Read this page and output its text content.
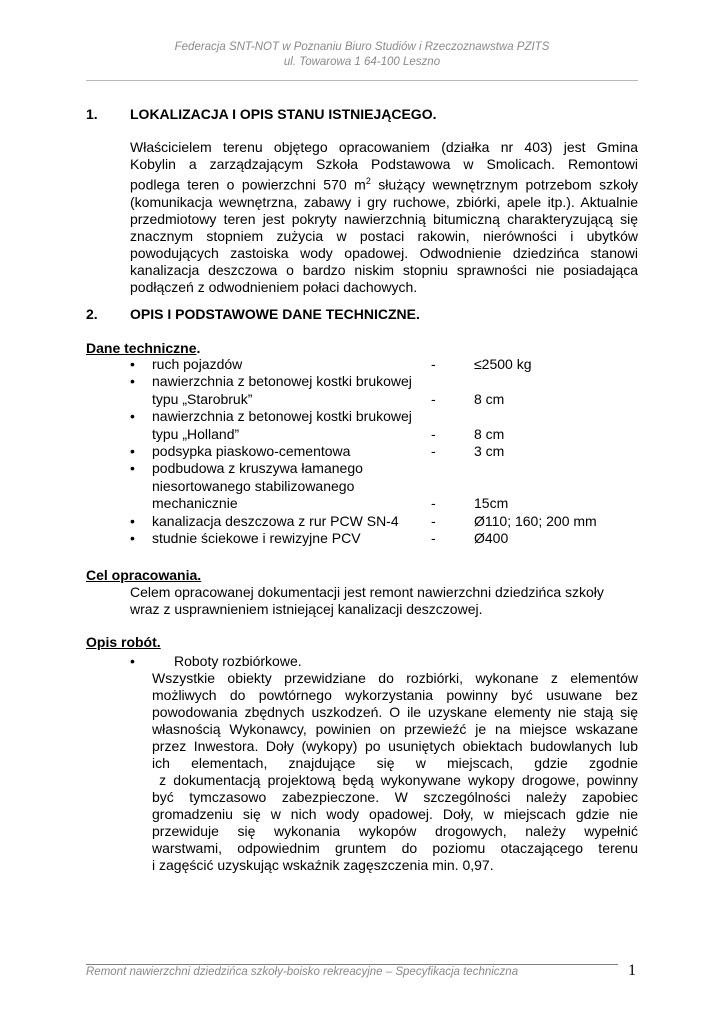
Federacja SNT-NOT w Poznaniu Biuro Studiów i Rzeczoznawstwa PZITS
ul. Towarowa 1 64-100 Leszno
1. LOKALIZACJA I OPIS STANU ISTNIEJĄCEGO.
Właścicielem terenu objętego opracowaniem (działka nr 403) jest Gmina
Kobylin a zarządzającym Szkoła Podstawowa w Smolicach. Remontowi
podlega teren o powierzchni 570 $m^2$ służący wewnętrznym potrzebom szkoły
(komunikacja wewnętrzna, zabawy i gry ruchowe, zbiórki, apele itp.). Aktualnie
przedmiotowy teren jest pokryty nawierzchnią bitumiczną charakteryzującą się
znacznym stopniem zużycia w postaci rakowin, nierówności i ubytków
powodujących zastoiska wody opadowej. Odwodnienie dziedzińca stanowi
kanalizacja deszczowa o bardzo niskim stopniu sprawności nie posiadająca
podłączeń z odwodnieniem połaci dachowych.
2. OPIS I PODSTAWOWE DANE TECHNICZNE.
Dane techniczne.
•	ruch pojazdów	-	≤2500 kg
•	nawierzchnia z betonowej kostki brukowej
typu „Starobruk”	-	8 cm
•	nawierzchnia z betonowej kostki brukowej
typu „Holland”	-	8 cm
•	podsypka piaskowo-cementowa	-	3 cm
•	podbudowa z kruszywa łamanego
niesortowanego stabilizowanego
mechanicznie	-	15cm
•	kanalizacja deszczowa z rur PCW SN-4 -	Ø110; 160; 200 mm
•	studnie ściekowe i rewizyjne PCV	-	Ø400
Cel opracowania.
Celem opracowanej dokumentacji jest remont nawierzchni dziedzińca szkoły
wraz z usprawnieniem istniejącej kanalizacji deszczowej.
Opis robót.
•	Roboty rozbiórkowe.
Wszystkie obiekty przewidziane do rozbiórki, wykonane z elementów
możliwych do powtórnego wykorzystania powinny być usuwane bez
powodowania zbędnych uszkodzeń. O ile uzyskane elementy nie stają się
własnością Wykonawcy, powinien on przewieźć je na miejsce wskazane
przez Inwestora. Doły (wykopy) po usuniętych obiektach budowlanych lub
ich elementach, znajdujące się w miejscach, gdzie zgodnie
z dokumentacją projektową będą wykonywane wykopy drogowe, powinny
być tymczasowo zabezpieczone. W szczególności należy zapobiec
gromadzeniu się w nich wody opadowej. Doły, w miejscach gdzie nie
przewiduje się wykonania wykopów drogowych, należy wypełnić
warstwami, odpowiednim gruntem do poziomu otaczającego terenu
i zagęścić uzyskując wskaźnik zagęszczenia min. 0,97.
Remont nawierzchni dziedzińca szkoły-boisko rekreacyjne – Specyfikacja techniczna	1
